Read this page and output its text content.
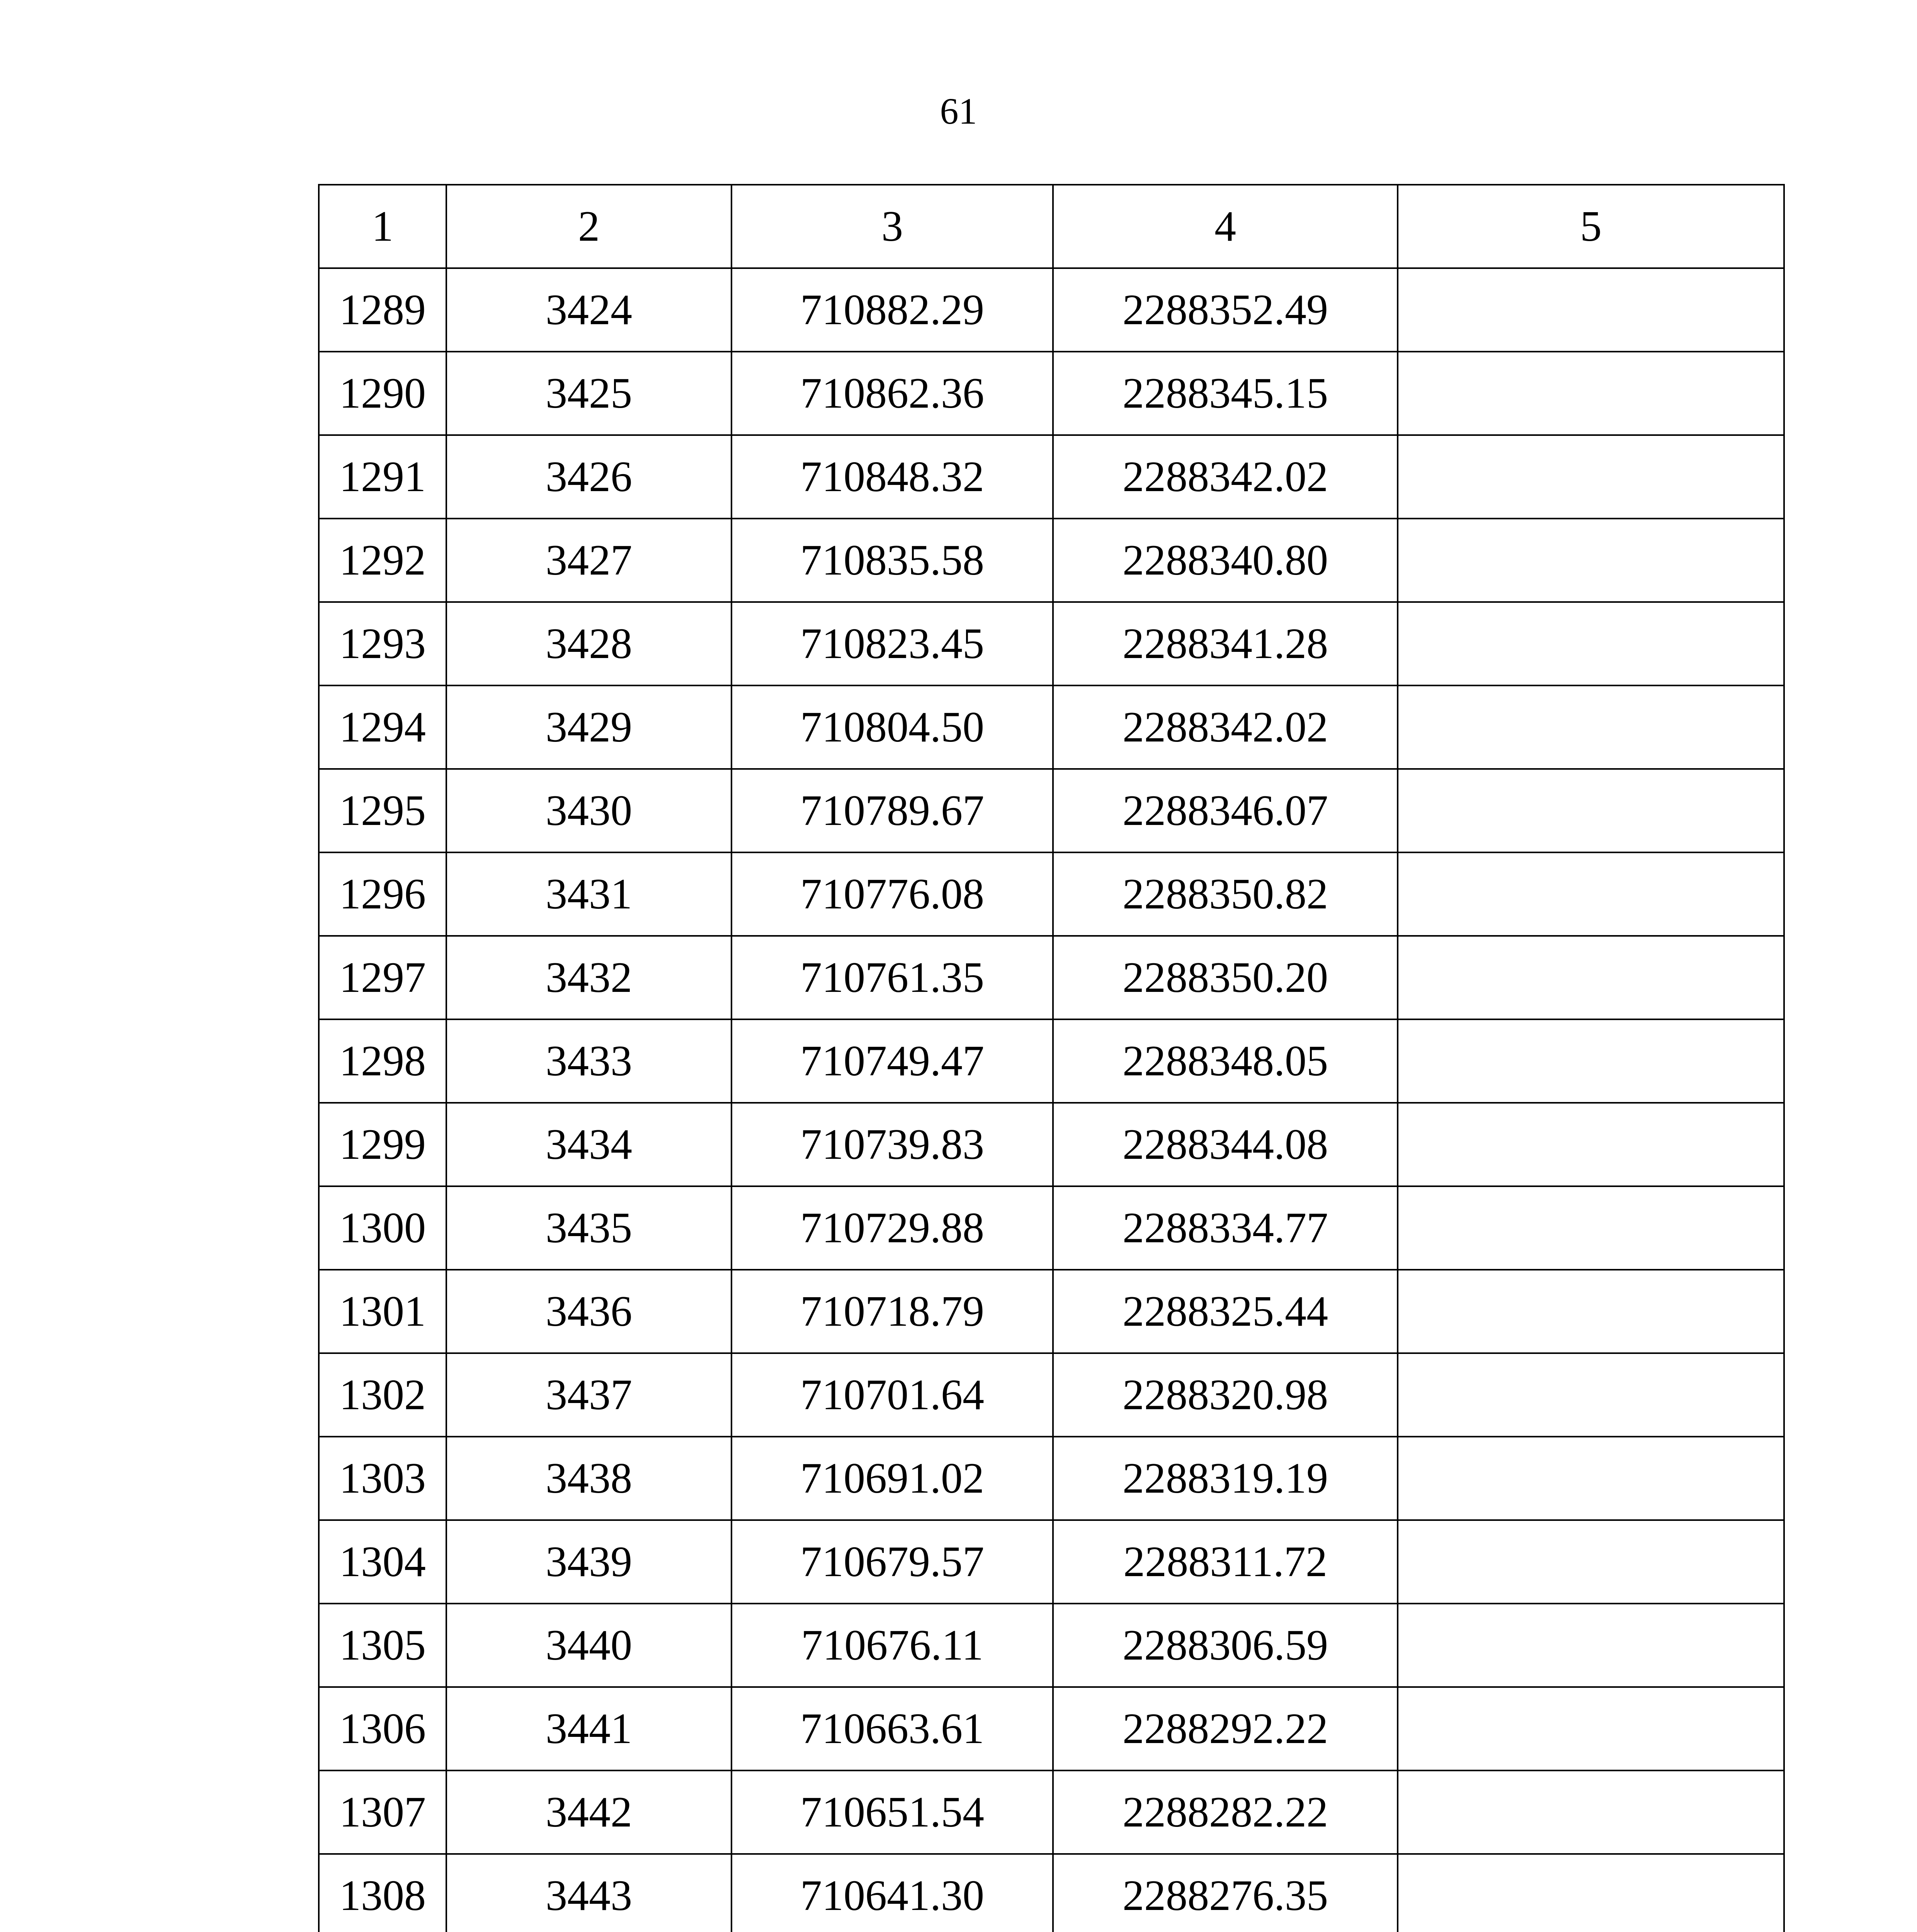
61
1	2	3	4	5
1289	3424	710882.29	2288352.49	
1290	3425	710862.36	2288345.15	
1291	3426	710848.32	2288342.02	
1292	3427	710835.58	2288340.80	
1293	3428	710823.45	2288341.28	
1294	3429	710804.50	2288342.02	
1295	3430	710789.67	2288346.07	
1296	3431	710776.08	2288350.82	
1297	3432	710761.35	2288350.20	
1298	3433	710749.47	2288348.05	
1299	3434	710739.83	2288344.08	
1300	3435	710729.88	2288334.77	
1301	3436	710718.79	2288325.44	
1302	3437	710701.64	2288320.98	
1303	3438	710691.02	2288319.19	
1304	3439	710679.57	2288311.72	
1305	3440	710676.11	2288306.59	
1306	3441	710663.61	2288292.22	
1307	3442	710651.54	2288282.22	
1308	3443	710641.30	2288276.35	
